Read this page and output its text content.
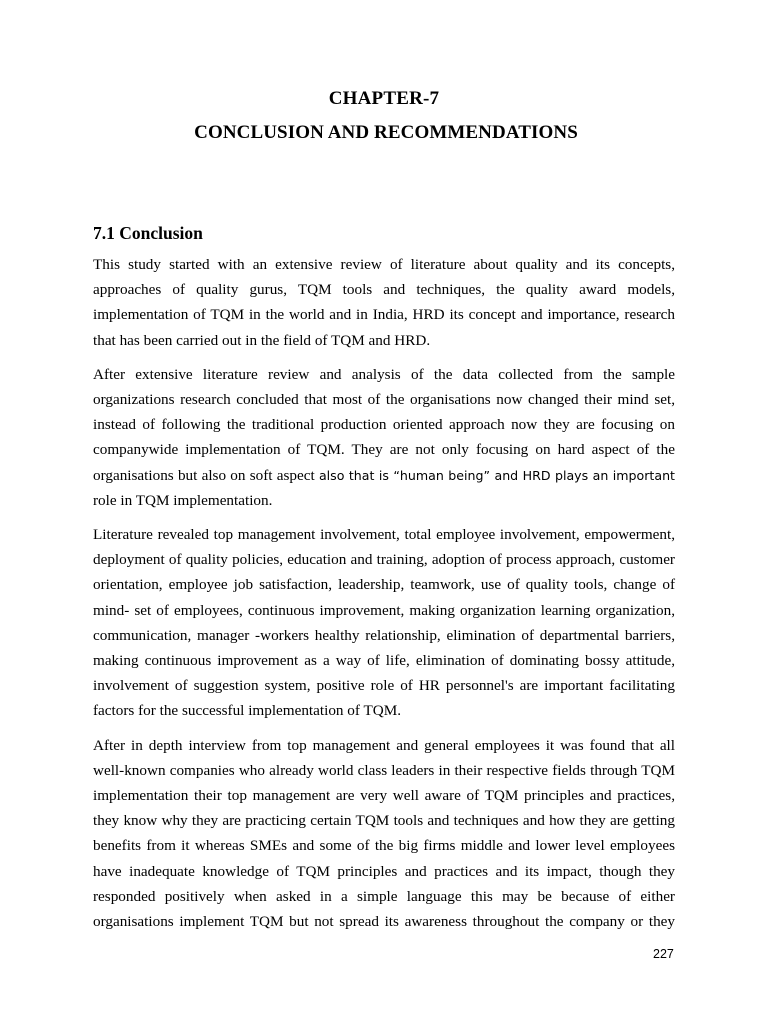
CHAPTER-7
CONCLUSION AND RECOMMENDATIONS
7.1 Conclusion
This study started with an extensive review of literature about quality and its concepts,
approaches of quality gurus, TQM tools and techniques, the quality award models,
implementation of TQM in the world and in India, HRD its concept and importance, research
that has been carried out in the field of TQM and HRD.
After extensive literature review and analysis of the data collected from the sample
organizations research concluded that most of the organisations now changed their mind set,
instead of following the traditional production oriented approach now they are focusing on
companywide implementation of TQM. They are not only focusing on hard aspect of the
organisations but also on soft aspect also that is “human being” and HRD plays an important
role in TQM implementation.
Literature revealed top management involvement, total employee involvement, empowerment,
deployment of quality policies, education and training, adoption of process approach, customer
orientation, employee job satisfaction, leadership, teamwork, use of quality tools, change of
mind- set of employees, continuous improvement, making organization learning organization,
communication, manager -workers healthy relationship, elimination of departmental barriers,
making continuous improvement as a way of life, elimination of dominating bossy attitude,
involvement of suggestion system, positive role of HR personnel's are important facilitating
factors for the successful implementation of TQM.
After in depth interview from top management and general employees it was found that all
well-known companies who already world class leaders in their respective fields through TQM
implementation their top management are very well aware of TQM principles and practices,
they know why they are practicing certain TQM tools and techniques and how they are getting
benefits from it whereas SMEs and some of the big firms middle and lower level employees
have inadequate knowledge of TQM principles and practices and its impact, though they
responded positively when asked in a simple language this may be because of either
organisations implement TQM but not spread its awareness throughout the company or they
227
